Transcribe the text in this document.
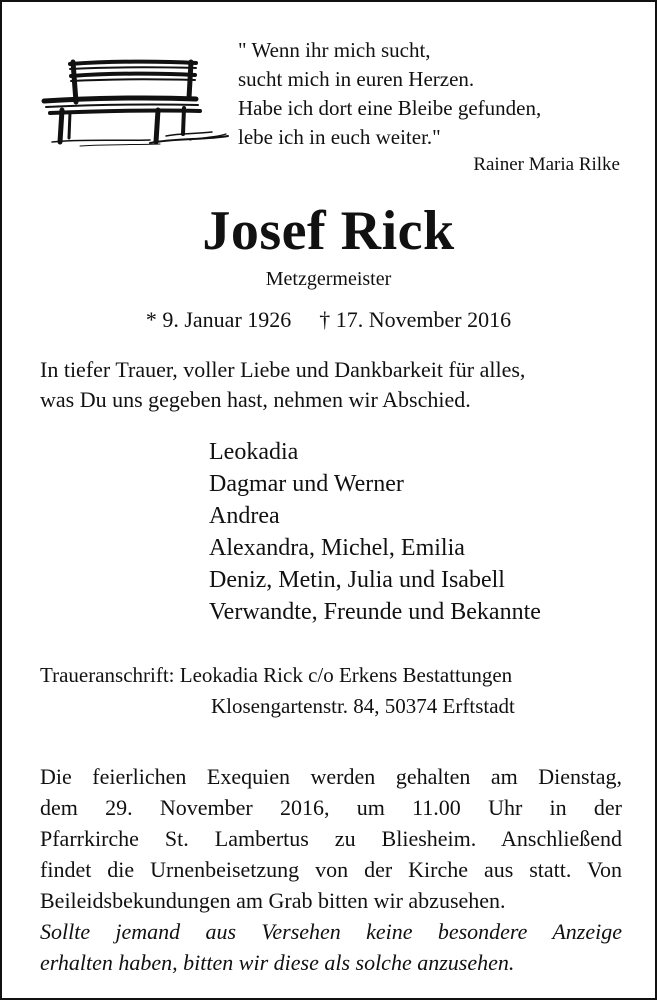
" Wenn ihr mich sucht,
sucht mich in euren Herzen.
Habe ich dort eine Bleibe gefunden,
lebe ich in euch weiter."
Rainer Maria Rilke
Josef Rick
Metzgermeister
* 9. Januar 1926 † 17. November 2016
In tiefer Trauer, voller Liebe und Dankbarkeit für alles,
was Du uns gegeben hast, nehmen wir Abschied.
Leokadia
Dagmar und Werner
Andrea
Alexandra, Michel, Emilia
Deniz, Metin, Julia und Isabell
Verwandte, Freunde und Bekannte
Traueranschrift: Leokadia Rick c/o Erkens Bestattungen
Klosengartenstr. 84, 50374 Erftstadt
Die feierlichen Exequien werden gehalten am Dienstag,
dem 29. November 2016, um 11.00 Uhr in der
Pfarrkirche St. Lambertus zu Bliesheim. Anschließend
findet die Urnenbeisetzung von der Kirche aus statt. Von
Beileidsbekundungen am Grab bitten wir abzusehen.
Sollte jemand aus Versehen keine besondere Anzeige
erhalten haben, bitten wir diese als solche anzusehen.
